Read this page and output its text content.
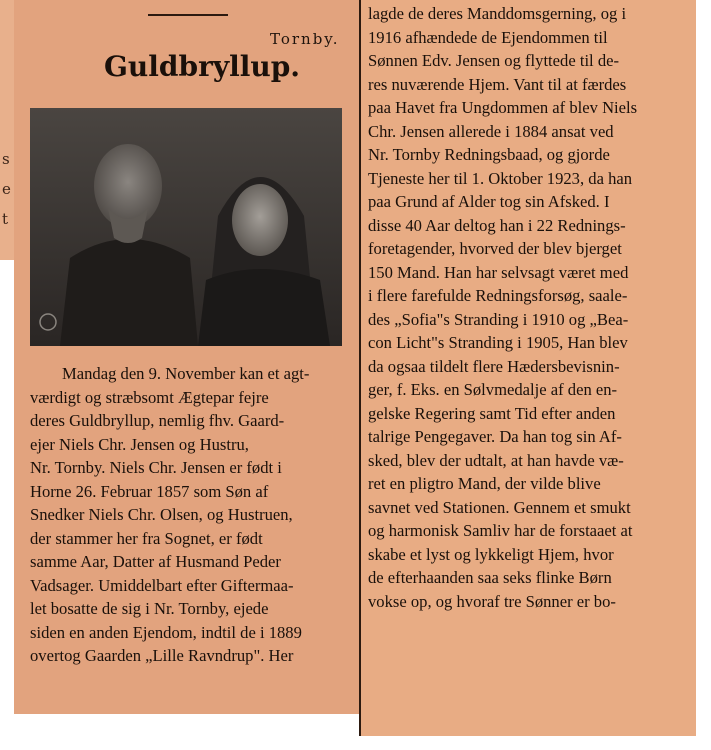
s
e
t
Tornby.
Guldbryllup.
Mandag den 9. November kan et agt-
værdigt og stræbsomt Ægtepar fejre
deres Guldbryllup, nemlig fhv. Gaard-
ejer Niels Chr. Jensen og Hustru,
Nr. Tornby. Niels Chr. Jensen er født i
Horne 26. Februar 1857 som Søn af
Snedker Niels Chr. Olsen, og Hustruen,
der stammer her fra Sognet, er født
samme Aar, Datter af Husmand Peder
Vadsager. Umiddelbart efter Giftermaa-
let bosatte de sig i Nr. Tornby, ejede
siden en anden Ejendom, indtil de i 1889
overtog Gaarden „Lille Ravndrup". Her
lagde de deres Manddomsgerning, og i
1916 afhændede de Ejendommen til
Sønnen Edv. Jensen og flyttede til de-
res nuværende Hjem. Vant til at færdes
paa Havet fra Ungdommen af blev Niels
Chr. Jensen allerede i 1884 ansat ved
Nr. Tornby Redningsbaad, og gjorde
Tjeneste her til 1. Oktober 1923, da han
paa Grund af Alder tog sin Afsked. I
disse 40 Aar deltog han i 22 Rednings-
foretagender, hvorved der blev bjerget
150 Mand. Han har selvsagt været med
i flere farefulde Redningsforsøg, saale-
des „Sofia"s Stranding i 1910 og „Bea-
con Licht"s Stranding i 1905, Han blev
da ogsaa tildelt flere Hædersbevisnin-
ger, f. Eks. en Sølvmedalje af den en-
gelske Regering samt Tid efter anden
talrige Pengegaver. Da han tog sin Af-
sked, blev der udtalt, at han havde væ-
ret en pligtro Mand, der vilde blive
savnet ved Stationen. Gennem et smukt
og harmonisk Samliv har de forstaaet at
skabe et lyst og lykkeligt Hjem, hvor
de efterhaanden saa seks flinke Børn
vokse op, og hvoraf tre Sønner er bo-
